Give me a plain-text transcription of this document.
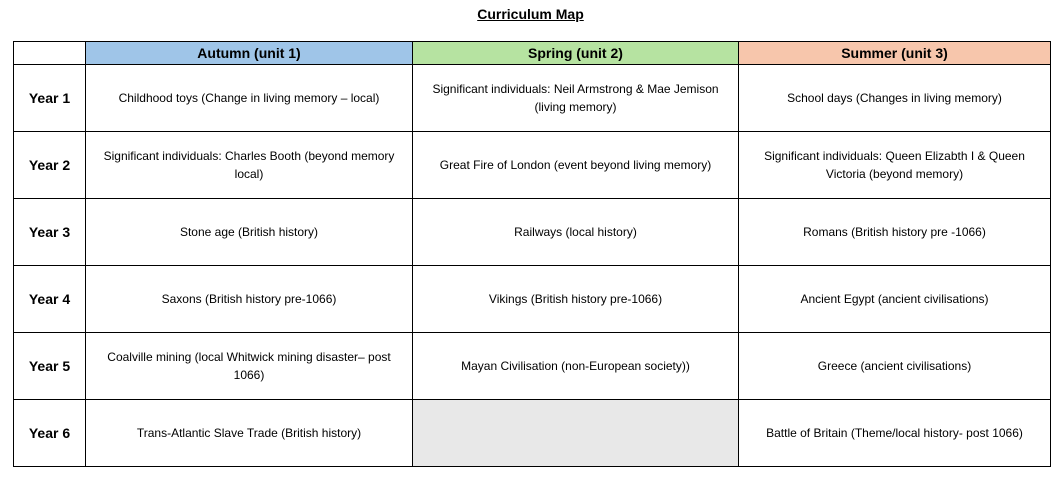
Curriculum Map
	Autumn (unit 1)	Spring (unit 2)	Summer (unit 3)
Year 1	Childhood toys (Change in living memory – local)	Significant individuals: Neil Armstrong & Mae Jemison (living memory)	School days (Changes in living memory)
Year 2	Significant individuals: Charles Booth (beyond memory local)	Great Fire of London (event beyond living memory)	Significant individuals: Queen Elizabth I & Queen Victoria (beyond memory)
Year 3	Stone age (British history)	Railways (local history)	Romans (British history pre -1066)
Year 4	Saxons (British history pre-1066)	Vikings (British history pre-1066)	Ancient Egypt (ancient civilisations)
Year 5	Coalville mining (local Whitwick mining disaster– post 1066)	Mayan Civilisation (non-European society))	Greece (ancient civilisations)
Year 6	Trans-Atlantic Slave Trade (British history)		Battle of Britain (Theme/local history- post 1066)
